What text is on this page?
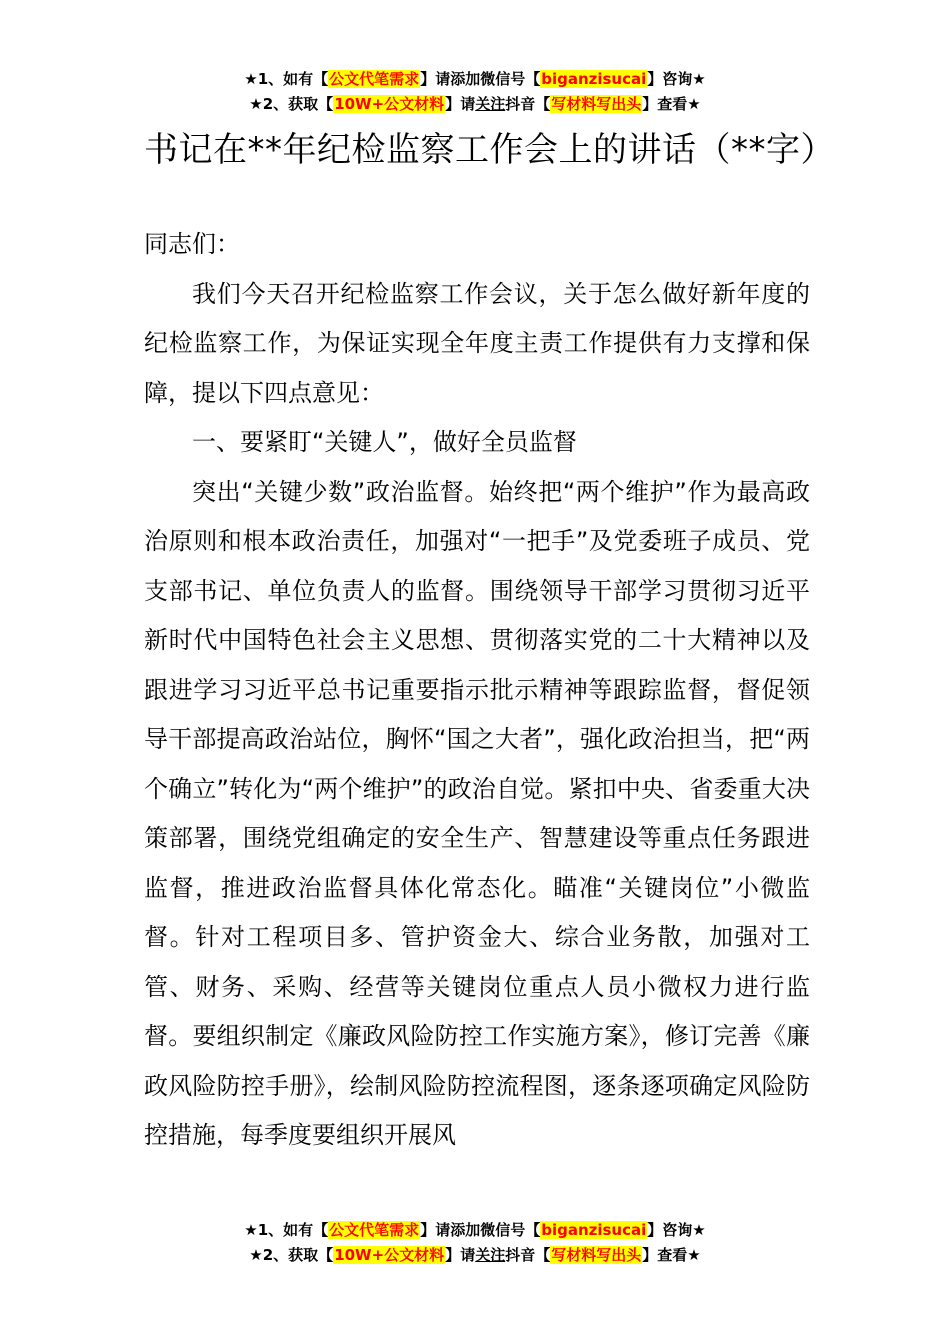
★1、如有【公文代笔需求】请添加微信号【biganzisucai】咨询★
★2、获取【10W+公文材料】请关注抖音【写材料写出头】查看★
书记在**年纪检监察工作会上的讲话（**字）

同志们：

我们今天召开纪检监察工作会议，关于怎么做好新年度的纪检监察工作，为保证实现全年度主责工作提供有力支撑和保障，提以下四点意见：

一、要紧盯“关键人”，做好全员监督

突出“关键少数”政治监督。始终把“两个维护”作为最高政治原则和根本政治责任，加强对“一把手”及党委班子成员、党支部书记、单位负责人的监督。围绕领导干部学习贯彻习近平新时代中国特色社会主义思想、贯彻落实党的二十大精神以及跟进学习习近平总书记重要指示批示精神等跟踪监督，督促领导干部提高政治站位，胸怀“国之大者”，强化政治担当，把“两个确立”转化为“两个维护”的政治自觉。紧扣中央、省委重大决策部署，围绕党组确定的安全生产、智慧建设等重点任务跟进监督，推进政治监督具体化常态化。瞄准“关键岗位”小微监督。针对工程项目多、管护资金大、综合业务散，加强对工管、财务、采购、经营等关键岗位重点人员小微权力进行监督。要组织制定《廉政风险防控工作实施方案》，修订完善《廉政风险防控手册》，绘制风险防控流程图，逐条逐项确定风险防控措施，每季度要组织开展风

★1、如有【公文代笔需求】请添加微信号【biganzisucai】咨询★
★2、获取【10W+公文材料】请关注抖音【写材料写出头】查看★
